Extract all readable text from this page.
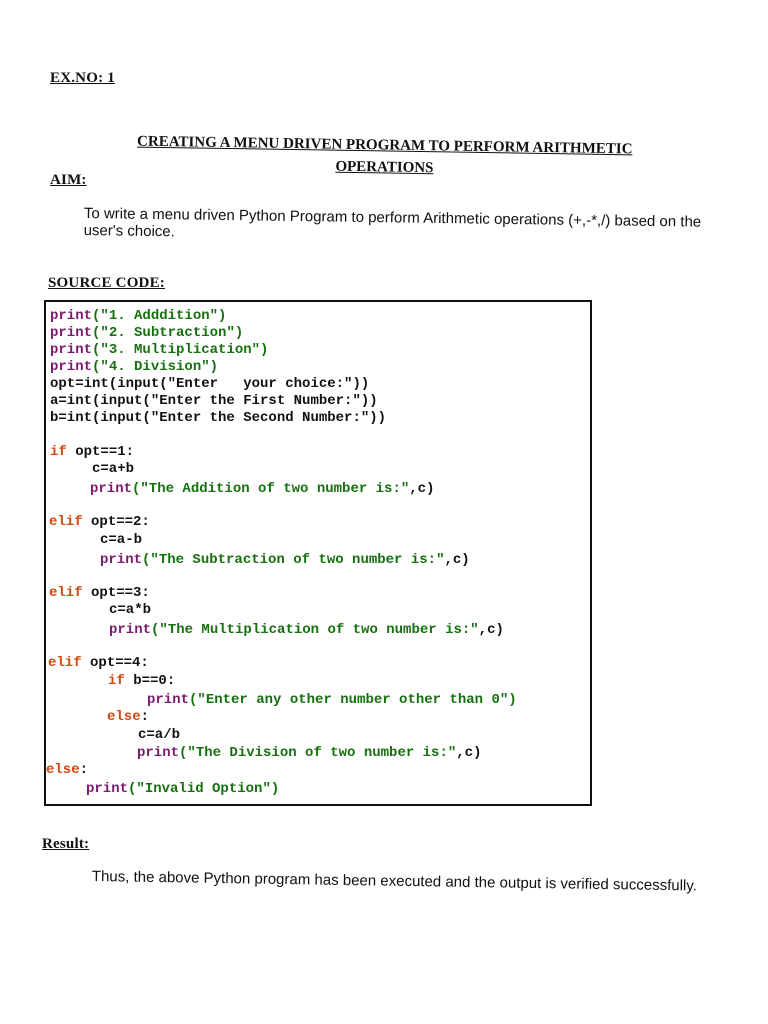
EX.NO: 1
CREATING A MENU DRIVEN PROGRAM TO PERFORM ARITHMETIC OPERATIONS
AIM:
To write a menu driven Python Program to perform Arithmetic operations (+,-*,/) based on the user's choice.
SOURCE CODE:
print("1. Adddition")
print("2. Subtraction")
print("3. Multiplication")
print("4. Division")
opt=int(input("Enter   your choice:"))
a=int(input("Enter the First Number:"))
b=int(input("Enter the Second Number:"))
if opt==1:
c=a+b
print("The Addition of two number is:",c)
elif opt==2:
c=a-b
print("The Subtraction of two number is:",c)
elif opt==3:
c=a*b
print("The Multiplication of two number is:",c)
elif opt==4:
if b==0:
print("Enter any other number other than 0")
else:
c=a/b
print("The Division of two number is:",c)
else:
print("Invalid Option")
Result:
Thus, the above Python program has been executed and the output is verified successfully.
